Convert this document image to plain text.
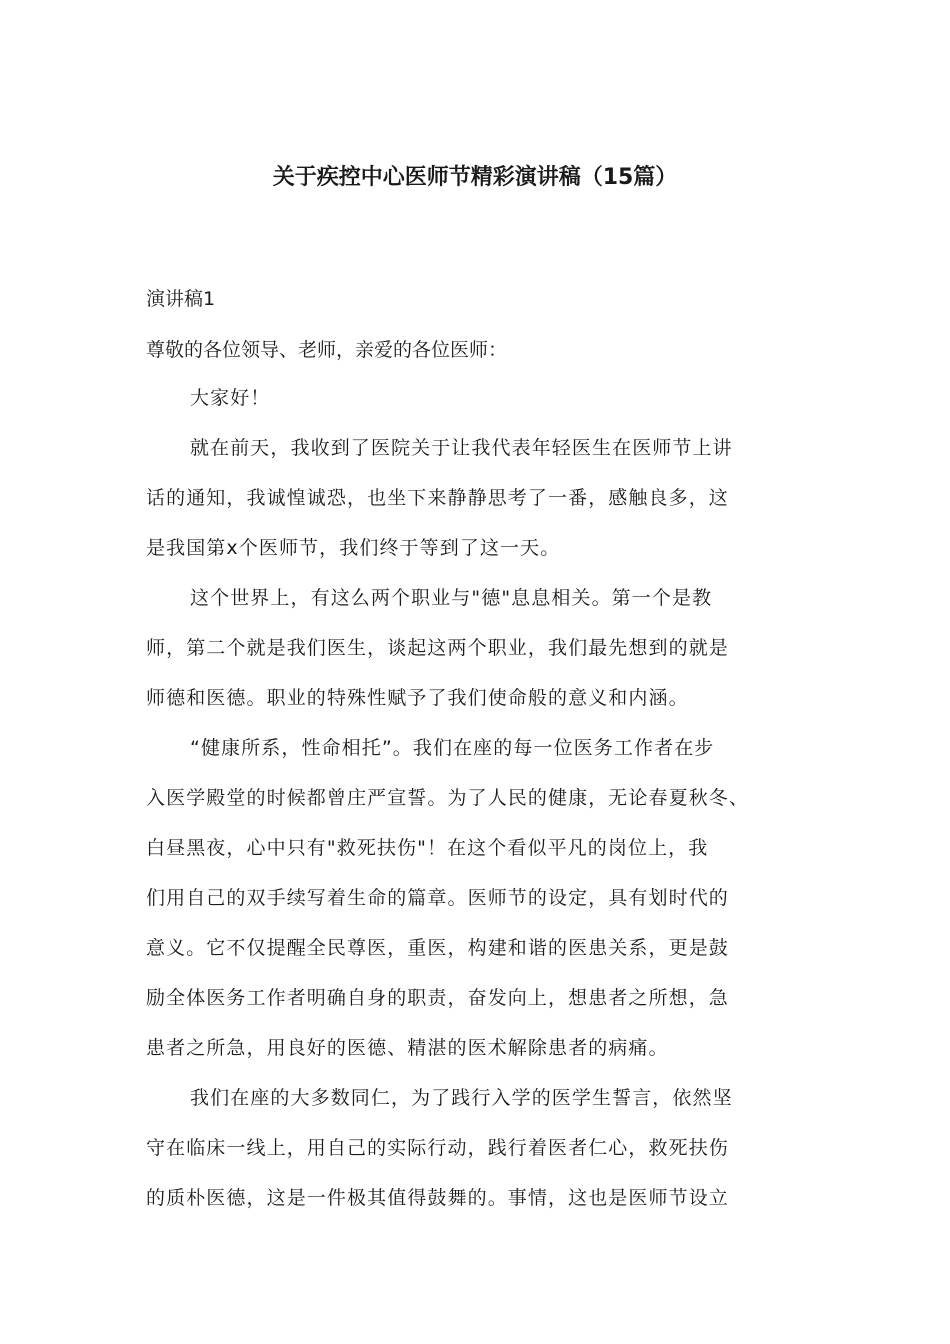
关于疾控中心医师节精彩演讲稿（15篇）

演讲稿1

尊敬的各位领导、老师，亲爱的各位医师：

大家好！

就在前天，我收到了医院关于让我代表年轻医生在医师节上讲

话的通知，我诚惶诚恐，也坐下来静静思考了一番，感触良多，这

是我国第x个医师节，我们终于等到了这一天。

这个世界上，有这么两个职业与"德"息息相关。第一个是教

师，第二个就是我们医生，谈起这两个职业，我们最先想到的就是

师德和医德。职业的特殊性赋予了我们使命般的意义和内涵。

“健康所系，性命相托”。我们在座的每一位医务工作者在步

入医学殿堂的时候都曾庄严宣誓。为了人民的健康，无论春夏秋冬、

白昼黑夜，心中只有"救死扶伤"！在这个看似平凡的岗位上，我

们用自己的双手续写着生命的篇章。医师节的设定，具有划时代的

意义。它不仅提醒全民尊医，重医，构建和谐的医患关系，更是鼓

励全体医务工作者明确自身的职责，奋发向上，想患者之所想，急

患者之所急，用良好的医德、精湛的医术解除患者的病痛。

我们在座的大多数同仁，为了践行入学的医学生誓言，依然坚

守在临床一线上，用自己的实际行动，践行着医者仁心，救死扶伤

的质朴医德，这是一件极其值得鼓舞的。事情，这也是医师节设立
